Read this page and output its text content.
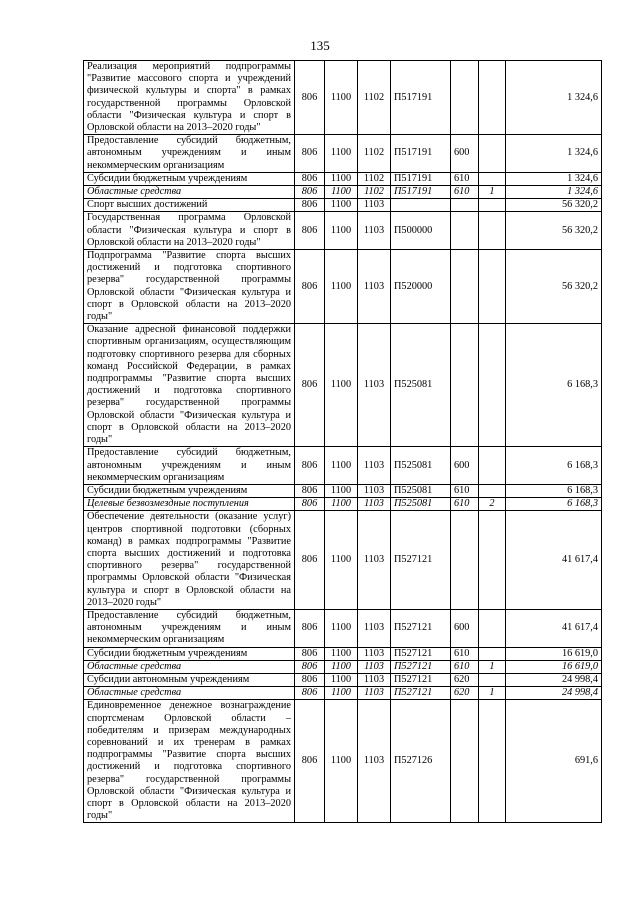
135
Реализация мероприятий подпрограммы "Развитие массового спорта и учреждений физической культуры и спорта" в рамках государственной программы Орловской области "Физическая культура и спорт в Орловской области на 2013–2020 годы"	806	1100	1102	П517191			1 324,6
Предоставление субсидий бюджетным, автономным учреждениям и иным некоммерческим организациям	806	1100	1102	П517191	600		1 324,6
Субсидии бюджетным учреждениям	806	1100	1102	П517191	610		1 324,6
Областные средства	806	1100	1102	П517191	610	1	1 324,6
Спорт высших достижений	806	1100	1103				56 320,2
Государственная программа Орловской области "Физическая культура и спорт в Орловской области на 2013–2020 годы"	806	1100	1103	П500000			56 320,2
Подпрограмма "Развитие спорта высших достижений и подготовка спортивного резерва" государственной программы Орловской области "Физическая культура и спорт в Орловской области на 2013–2020 годы"	806	1100	1103	П520000			56 320,2
Оказание адресной финансовой поддержки спортивным организациям, осуществляющим подготовку спортивного резерва для сборных команд Российской Федерации, в рамках подпрограммы "Развитие спорта высших достижений и подготовка спортивного резерва" государственной программы Орловской области "Физическая культура и спорт в Орловской области на 2013–2020 годы"	806	1100	1103	П525081			6 168,3
Предоставление субсидий бюджетным, автономным учреждениям и иным некоммерческим организациям	806	1100	1103	П525081	600		6 168,3
Субсидии бюджетным учреждениям	806	1100	1103	П525081	610		6 168,3
Целевые безвозмездные поступления	806	1100	1103	П525081	610	2	6 168,3
Обеспечение деятельности (оказание услуг) центров спортивной подготовки (сборных команд) в рамках подпрограммы "Развитие спорта высших достижений и подготовка спортивного резерва" государственной программы Орловской области "Физическая культура и спорт в Орловской области на 2013–2020 годы"	806	1100	1103	П527121			41 617,4
Предоставление субсидий бюджетным, автономным учреждениям и иным некоммерческим организациям	806	1100	1103	П527121	600		41 617,4
Субсидии бюджетным учреждениям	806	1100	1103	П527121	610		16 619,0
Областные средства	806	1100	1103	П527121	610	1	16 619,0
Субсидии автономным учреждениям	806	1100	1103	П527121	620		24 998,4
Областные средства	806	1100	1103	П527121	620	1	24 998,4
Единовременное денежное вознаграждение спортсменам Орловской области – победителям и призерам международных соревнований и их тренерам в рамках подпрограммы "Развитие спорта высших достижений и подготовка спортивного резерва" государственной программы Орловской области "Физическая культура и спорт в Орловской области на 2013–2020 годы"	806	1100	1103	П527126			691,6
